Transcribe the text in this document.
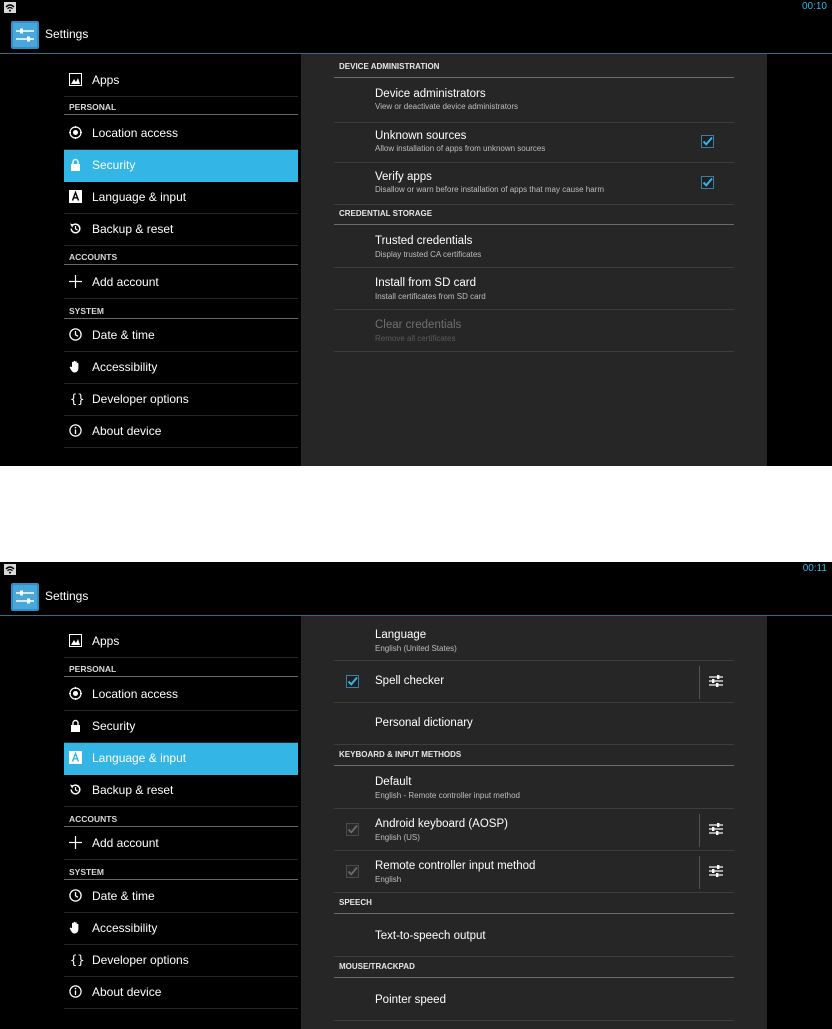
00:10
Settings
Apps
PERSONAL
Location access
Security
Language & input
Backup & reset
ACCOUNTS
Add account
SYSTEM
Date & time
Accessibility
{} Developer options
About device
DEVICE ADMINISTRATION
Device administrators
View or deactivate device administrators
Unknown sources
Allow installation of apps from unknown sources
Verify apps
Disallow or warn before installation of apps that may cause harm
CREDENTIAL STORAGE
Trusted credentials
Display trusted CA certificates
Install from SD card
Install certificates from SD card
Clear credentials
Remove all certificates
00:11
Settings
Apps
PERSONAL
Location access
Security
Language & input
Backup & reset
ACCOUNTS
Add account
SYSTEM
Date & time
Accessibility
{} Developer options
About device
Language
English (United States)
Spell checker
Personal dictionary
KEYBOARD & INPUT METHODS
Default
English - Remote controller input method
Android keyboard (AOSP)
English (US)
Remote controller input method
English
SPEECH
Text-to-speech output
MOUSE/TRACKPAD
Pointer speed
